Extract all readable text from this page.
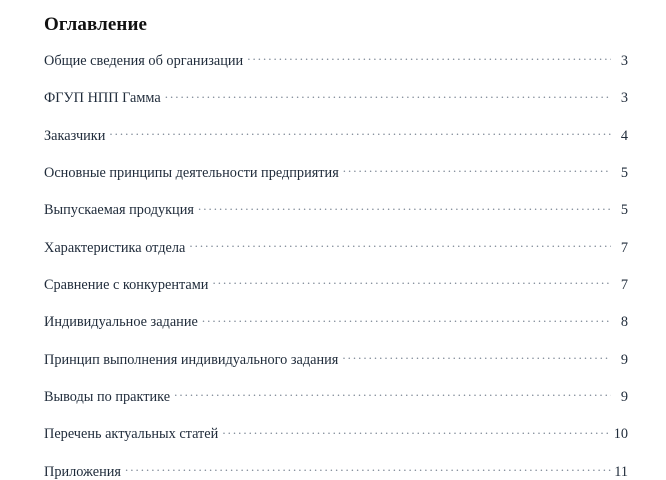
Оглавление
Общие сведения об организации .....	3
ФГУП НПП Гамма .....	3
Заказчики .....	4
Основные принципы деятельности предприятия .....	5
Выпускаемая продукция .....	5
Характеристика отдела .....	7
Сравнение с конкурентами .....	7
Индивидуальное задание .....	8
Принцип выполнения индивидуального задания .....	9
Выводы по практике .....	9
Перечень актуальных статей .....	10
Приложения .....	11
